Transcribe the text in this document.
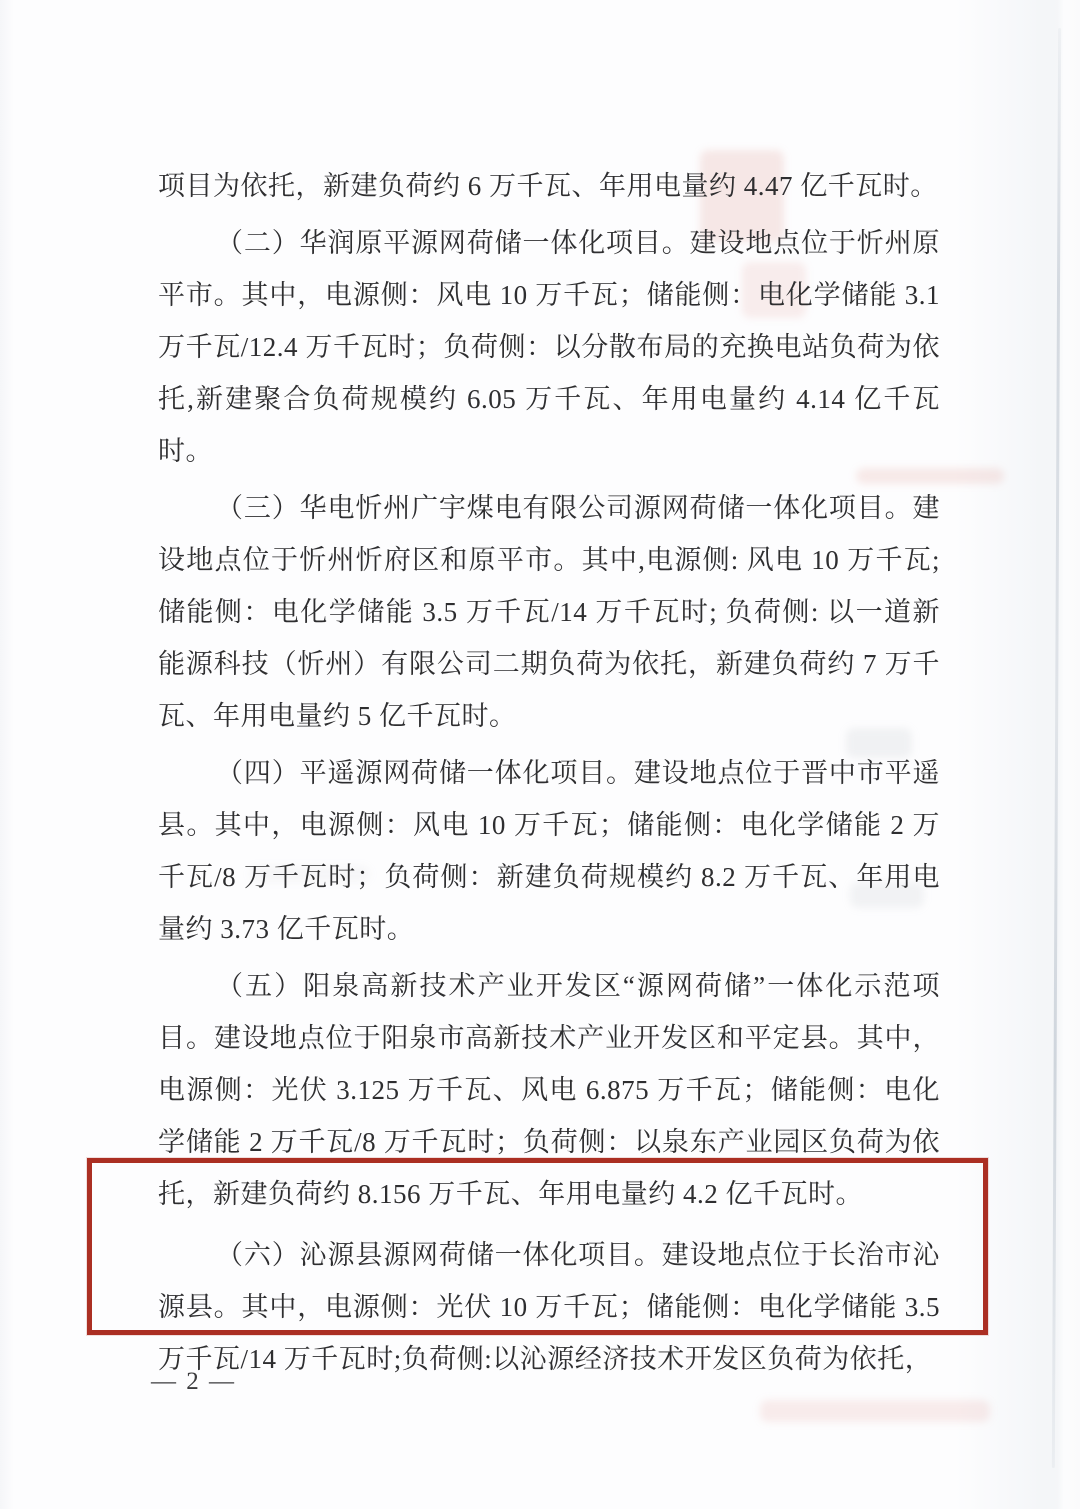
项目为依托，新建负荷约 6 万千瓦、年用电量约 4.47 亿千瓦时。

（二）华润原平源网荷储一体化项目。建设地点位于忻州原平市。其中，电源侧：风电 10 万千瓦；储能侧：电化学储能 3.1 万千瓦/12.4 万千瓦时；负荷侧：以分散布局的充换电站负荷为依托,新建聚合负荷规模约 6.05 万千瓦、年用电量约 4.14 亿千瓦时。

（三）华电忻州广宇煤电有限公司源网荷储一体化项目。建设地点位于忻州忻府区和原平市。其中,电源侧: 风电 10 万千瓦; 储能侧：电化学储能 3.5 万千瓦/14 万千瓦时; 负荷侧: 以一道新能源科技（忻州）有限公司二期负荷为依托，新建负荷约 7 万千瓦、年用电量约 5 亿千瓦时。

（四）平遥源网荷储一体化项目。建设地点位于晋中市平遥县。其中，电源侧：风电 10 万千瓦；储能侧：电化学储能 2 万千瓦/8 万千瓦时；负荷侧：新建负荷规模约 8.2 万千瓦、年用电量约 3.73 亿千瓦时。

（五）阳泉高新技术产业开发区“源网荷储”一体化示范项目。建设地点位于阳泉市高新技术产业开发区和平定县。其中，电源侧：光伏 3.125 万千瓦、风电 6.875 万千瓦；储能侧：电化学储能 2 万千瓦/8 万千瓦时；负荷侧：以泉东产业园区负荷为依托，新建负荷约 8.156 万千瓦、年用电量约 4.2 亿千瓦时。

（六）沁源县源网荷储一体化项目。建设地点位于长治市沁源县。其中，电源侧：光伏 10 万千瓦；储能侧：电化学储能 3.5 万千瓦/14 万千瓦时;负荷侧:以沁源经济技术开发区负荷为依托，

— 2 —
